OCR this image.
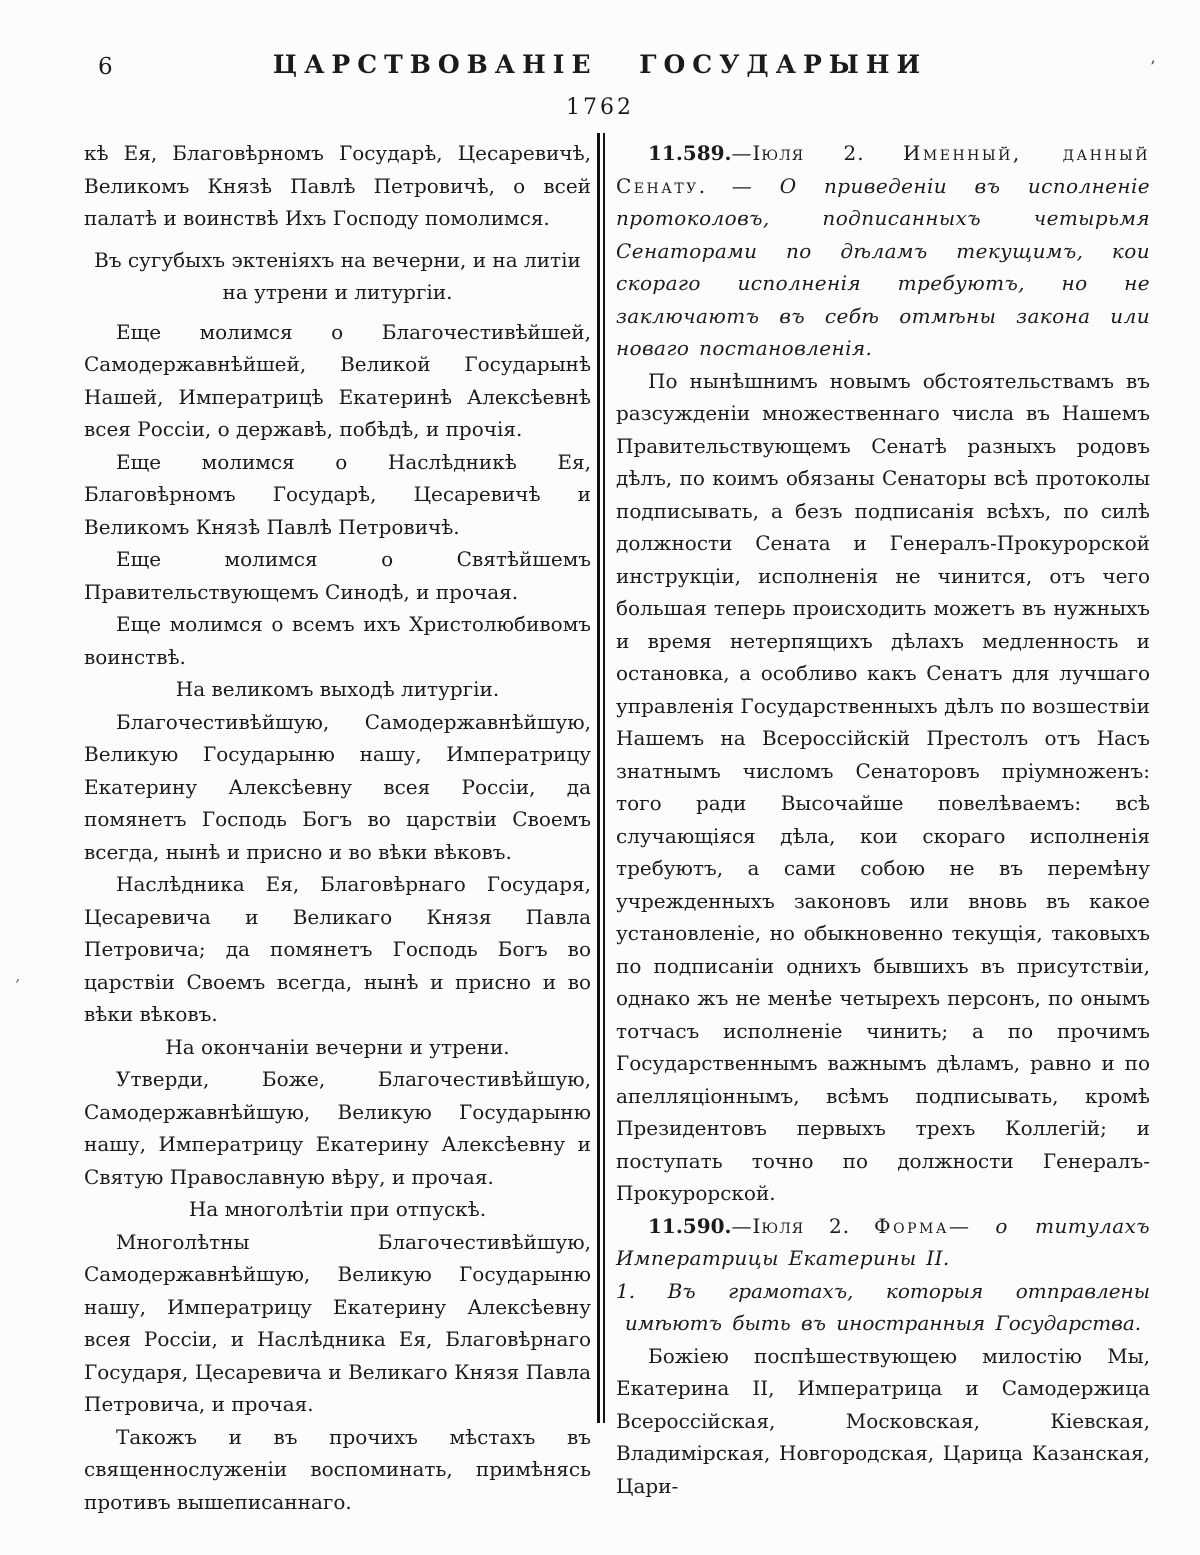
6	ЦАРСТВОВАНІЕ ГОСУДАРЫНИ
1762
кѣ Ея, Благовѣрномъ Государѣ, Цесаревичѣ, Великомъ Князѣ Павлѣ Петровичѣ, о всей палатѣ и воинствѣ Ихъ Господу помолимся.
Въ сугубыхъ эктеніяхъ на вечерни, и на литіи на утрени и литургіи.
Еще молимся о Благочестивѣйшей, Самодержавнѣйшей, Великой Государынѣ Нашей, Императрицѣ Екатеринѣ Алексѣевнѣ всея Россіи, о державѣ, побѣдѣ, и прочія.
Еще молимся о Наслѣдникѣ Ея, Благовѣрномъ Государѣ, Цесаревичѣ и Великомъ Князѣ Павлѣ Петровичѣ.
Еще молимся о Святѣйшемъ Правительствующемъ Синодѣ, и прочая.
Еще молимся о всемъ ихъ Христолюбивомъ воинствѣ.
На великомъ выходѣ литургіи.
Благочестивѣйшую, Самодержавнѣйшую, Великую Государыню нашу, Императрицу Екатерину Алексѣевну всея Россіи, да помянетъ Господь Богъ во царствіи Своемъ всегда, нынѣ и присно и во вѣки вѣковъ.
Наслѣдника Ея, Благовѣрнаго Государя, Цесаревича и Великаго Князя Павла Петровича; да помянетъ Господь Богъ во царствіи Своемъ всегда, нынѣ и присно и во вѣки вѣковъ.
На окончаніи вечерни и утрени.
Утверди, Боже, Благочестивѣйшую, Самодержавнѣйшую, Великую Государыню нашу, Императрицу Екатерину Алексѣевну и Святую Православную вѣру, и прочая.
На многолѣтіи при отпускѣ.
Многолѣтны Благочестивѣйшую, Самодержавнѣйшую, Великую Государыню нашу, Императрицу Екатерину Алексѣевну всея Россіи, и Наслѣдника Ея, Благовѣрнаго Государя, Цесаревича и Великаго Князя Павла Петровича, и прочая.
Такожъ и въ прочихъ мѣстахъ въ священнослуженіи воспоминать, примѣнясь противъ вышеписаннаго.
11.589.—Іюля 2. Именный, данный Сенату. — О приведеніи въ исполненіе протоколовъ, подписанныхъ четырьмя Сенаторами по дѣламъ текущимъ, кои скораго исполненія требуютъ, но не заключаютъ въ себѣ отмѣны закона или новаго постановленія.
По нынѣшнимъ новымъ обстоятельствамъ въ разсужденіи множественнаго числа въ Нашемъ Правительствующемъ Сенатѣ разныхъ родовъ дѣлъ, по коимъ обязаны Сенаторы всѣ протоколы подписывать, а безъ подписанія всѣхъ, по силѣ должности Сената и Генералъ-Прокурорской инструкціи, исполненія не чинится, отъ чего большая теперь происходить можетъ въ нужныхъ и время нетерпящихъ дѣлахъ медленность и остановка, а особливо какъ Сенатъ для лучшаго управленія Государственныхъ дѣлъ по возшествіи Нашемъ на Всероссійскій Престолъ отъ Насъ знатнымъ числомъ Сенаторовъ пріумноженъ: того ради Высочайше повелѣваемъ: всѣ случающіяся дѣла, кои скораго исполненія требуютъ, а сами собою не въ перемѣну учрежденныхъ законовъ или вновь въ какое установленіе, но обыкновенно текущія, таковыхъ по подписаніи однихъ бывшихъ въ присутствіи, однако жъ не менѣе четырехъ персонъ, по онымъ тотчасъ исполненіе чинить; а по прочимъ Государственнымъ важнымъ дѣламъ, равно и по апелляціоннымъ, всѣмъ подписывать, кромѣ Президентовъ первыхъ трехъ Коллегій; и поступать точно по должности Генералъ-Прокурорской.
11.590.—Іюля 2. Форма— о титулахъ Императрицы Екатерины II.
1. Въ грамотахъ, которыя отправлены имѣютъ быть въ иностранныя Государства.
Божіею поспѣшествующею милостію Мы, Екатерина II, Императрица и Самодержица Всероссійская, Московская, Кіевская, Владимірская, Новгородская, Царица Казанская, Цари-
’
´
